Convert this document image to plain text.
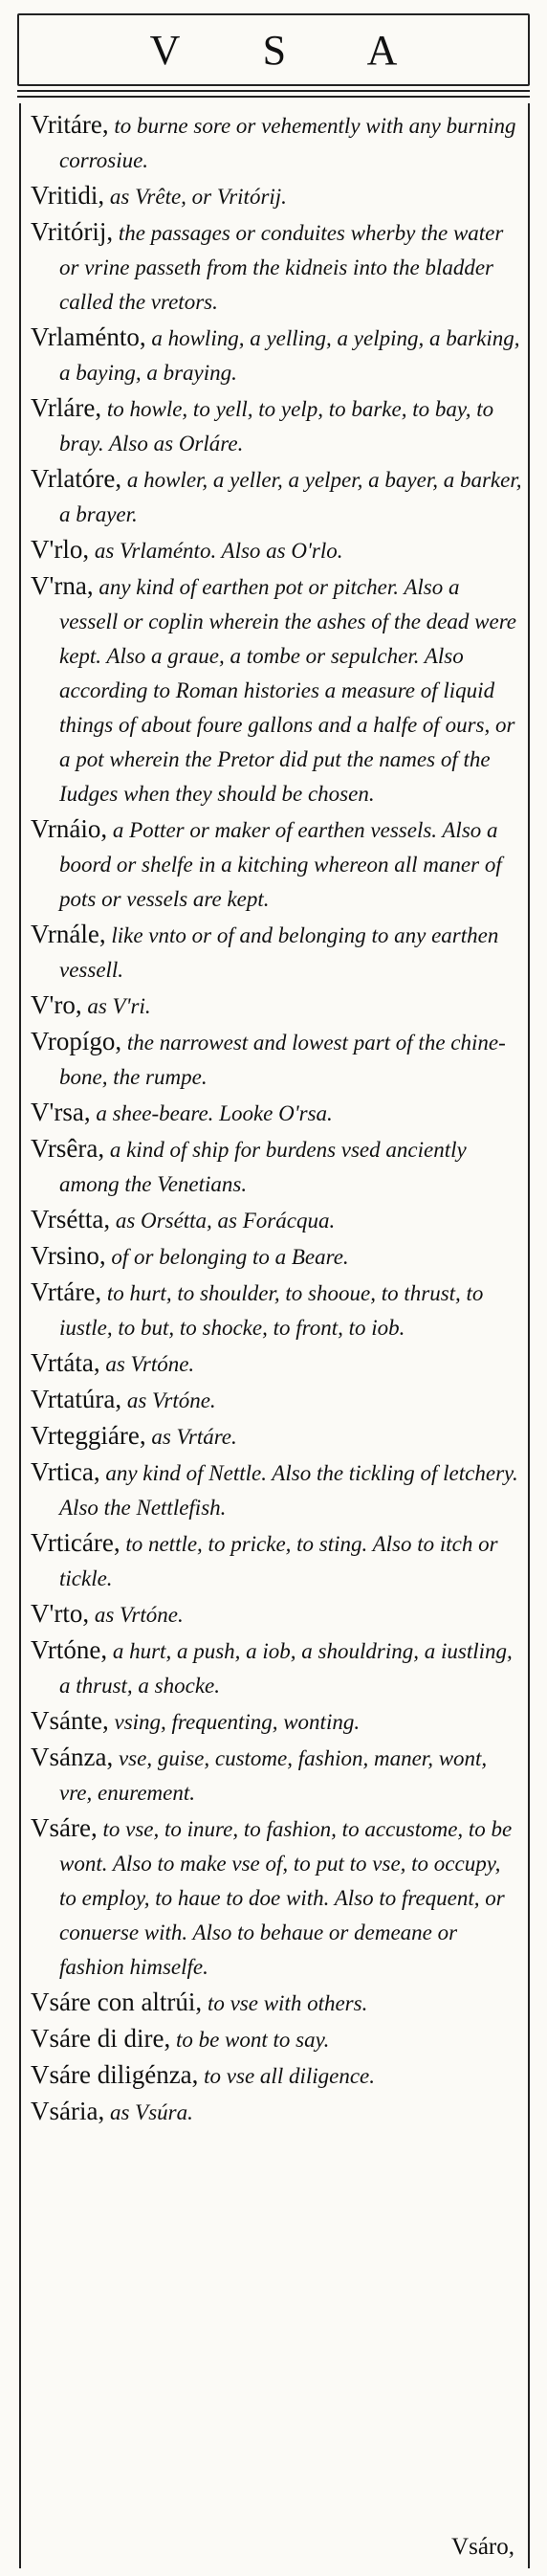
V S A

Vritáre, to burne sore or vehemently with any burning corrosiue.

Vritidi, as Vrête, or Vritórij.

Vritórij, the passages or conduites wherby the water or vrine passeth from the kidneis into the bladder called the vretors.

Vrlaménto, a howling, a yelling, a yelping, a barking, a baying, a braying.

Vrláre, to howle, to yell, to yelp, to barke, to bay, to bray. Also as Orláre.

Vrlatóre, a howler, a yeller, a yelper, a bayer, a barker, a brayer.

V'rlo, as Vrlaménto. Also as O'rlo.

V'rna, any kind of earthen pot or pitcher. Also a vessell or coplin wherein the ashes of the dead were kept. Also a graue, a tombe or sepulcher. Also according to Roman histories a measure of liquid things of about foure gallons and a halfe of ours, or a pot wherein the Pretor did put the names of the Iudges when they should be chosen.

Vrnáio, a Potter or maker of earthen vessels. Also a boord or shelfe in a kitching whereon all maner of pots or vessels are kept.

Vrnále, like vnto or of and belonging to any earthen vessell.

V'ro, as V'ri.

Vropígo, the narrowest and lowest part of the chine-bone, the rumpe.

V'rsa, a shee-beare. Looke O'rsa.

Vrsêra, a kind of ship for burdens vsed anciently among the Venetians.

Vrsétta, as Orsétta, as Forácqua.

Vrsino, of or belonging to a Beare.

Vrtáre, to hurt, to shoulder, to shooue, to thrust, to iustle, to but, to shocke, to front, to iob.

Vrtáta, as Vrtóne.

Vrtatúra, as Vrtóne.

Vrteggiáre, as Vrtáre.

Vrtica, any kind of Nettle. Also the tickling of letchery. Also the Nettlefish.

Vrticáre, to nettle, to pricke, to sting. Also to itch or tickle.

V'rto, as Vrtóne.

Vrtóne, a hurt, a push, a iob, a shouldring, a iustling, a thrust, a shocke.

Vsánte, vsing, frequenting, wonting.

Vsánza, vse, guise, custome, fashion, maner, wont, vre, enurement.

Vsáre, to vse, to inure, to fashion, to accustome, to be wont. Also to make vse of, to put to vse, to occupy, to employ, to haue to doe with. Also to frequent, or conuerse with. Also to behaue or demeane or fashion himselfe.

Vsáre con altrúi, to vse with others.

Vsáre di dire, to be wont to say.

Vsáre diligénza, to vse all diligence.

Vsária, as Vsúra.

Vsáro,
